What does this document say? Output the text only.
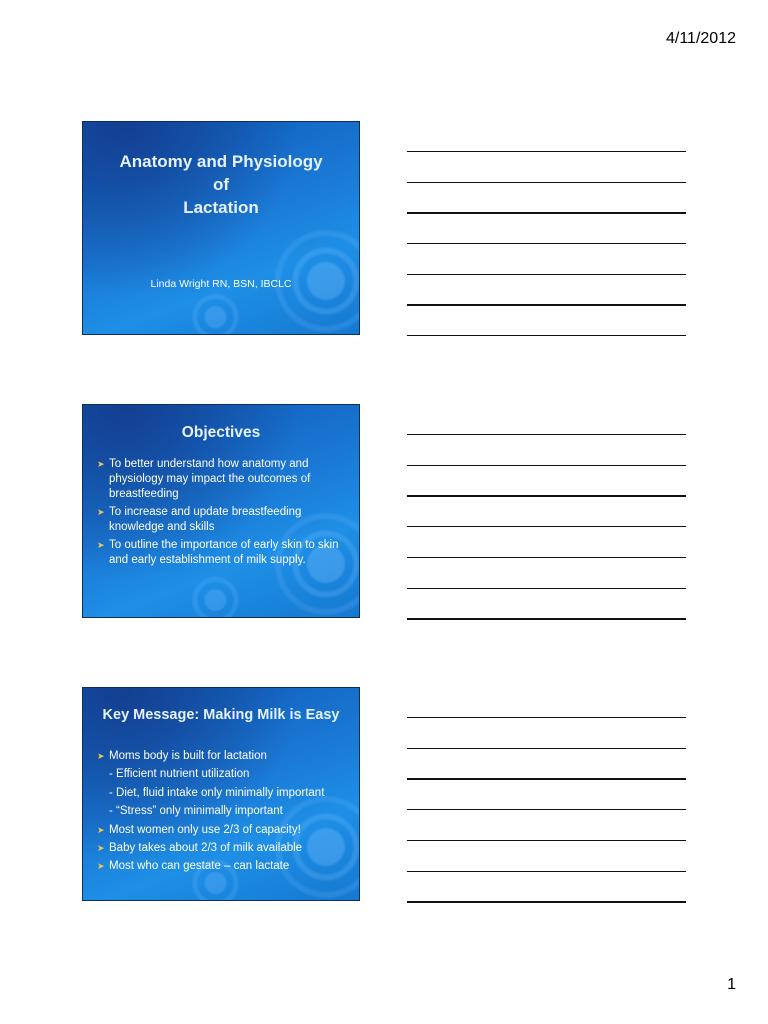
4/11/2012
Anatomy and Physiology
of
Lactation
Linda Wright RN, BSN, IBCLC
Objectives
➤ To better understand how anatomy and physiology may impact the outcomes of breastfeeding
➤ To increase and update breastfeeding knowledge and skills
➤ To outline the importance of early skin to skin and early establishment of milk supply.
Key Message: Making Milk is Easy
➤ Moms body is built for lactation
- Efficient nutrient utilization
- Diet, fluid intake only minimally important
- “Stress” only minimally important
➤ Most women only use 2/3 of capacity!
➤ Baby takes about 2/3 of milk available
➤ Most who can gestate – can lactate
1
